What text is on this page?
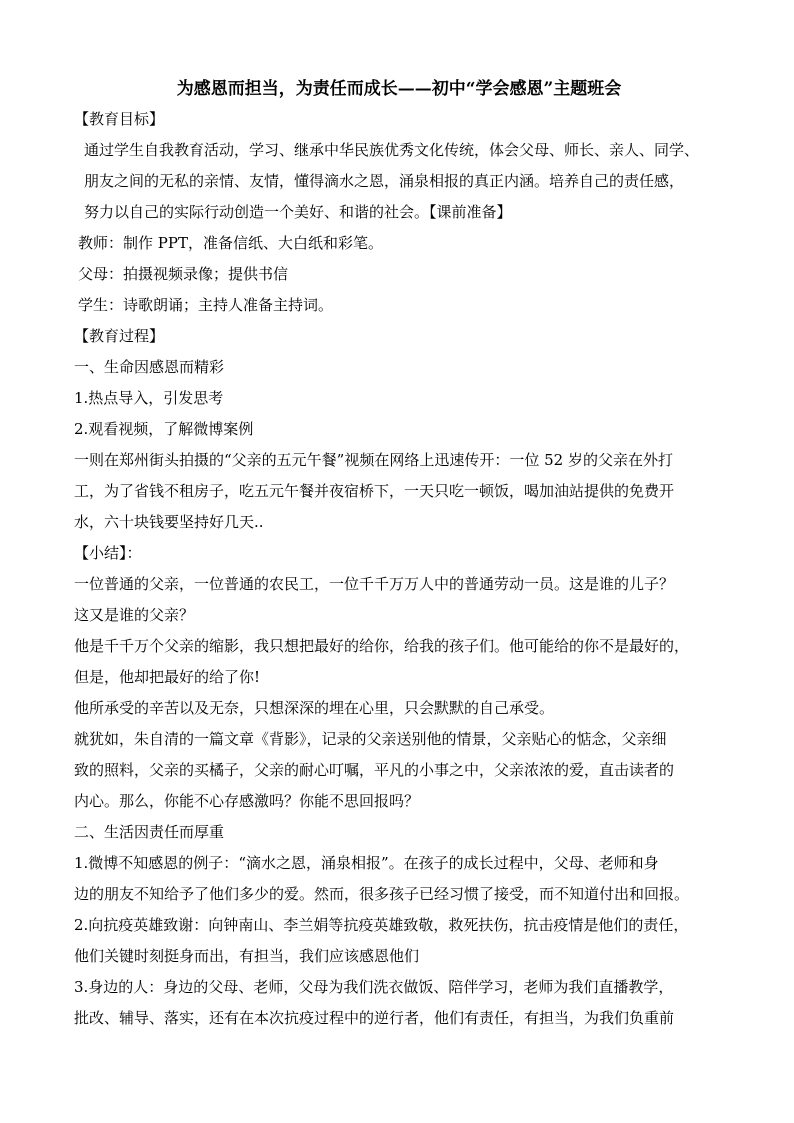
为感恩而担当，为责任而成长——初中“学会感恩”主题班会
【教育目标】
通过学生自我教育活动，学习、继承中华民族优秀文化传统，体会父母、师长、亲人、同学、
朋友之间的无私的亲情、友情，懂得滴水之恩，涌泉相报的真正内涵。培养自己的责任感，
努力以自己的实际行动创造一个美好、和谐的社会。【课前准备】
教师：制作 PPT，准备信纸、大白纸和彩笔。
父母：拍摄视频录像；提供书信
学生：诗歌朗诵；主持人准备主持词。
【教育过程】
一、生命因感恩而精彩
1.热点导入，引发思考
2.观看视频，了解微博案例
一则在郑州街头拍摄的“父亲的五元午餐”视频在网络上迅速传开：一位 52 岁的父亲在外打
工，为了省钱不租房子，吃五元午餐并夜宿桥下，一天只吃一顿饭，喝加油站提供的免费开
水，六十块钱要坚持好几天..
【小结】：
一位普通的父亲，一位普通的农民工，一位千千万万人中的普通劳动一员。这是谁的儿子？
这又是谁的父亲？
他是千千万个父亲的缩影，我只想把最好的给你，给我的孩子们。他可能给的你不是最好的，
但是，他却把最好的给了你!
他所承受的辛苦以及无奈，只想深深的埋在心里，只会默默的自己承受。
就犹如，朱自清的一篇文章《背影》，记录的父亲送别他的情景，父亲贴心的惦念，父亲细
致的照料，父亲的买橘子，父亲的耐心叮嘱，平凡的小事之中，父亲浓浓的爱，直击读者的
内心。那么，你能不心存感激吗？你能不思回报吗？
二、生活因责任而厚重
1.微博不知感恩的例子：“滴水之恩，涌泉相报”。在孩子的成长过程中，父母、老师和身
边的朋友不知给予了他们多少的爱。然而，很多孩子已经习惯了接受，而不知道付出和回报。
2.向抗疫英雄致谢：向钟南山、李兰娟等抗疫英雄致敬，救死扶伤，抗击疫情是他们的责任，
他们关键时刻挺身而出，有担当，我们应该感恩他们
3.身边的人：身边的父母、老师，父母为我们洗衣做饭、陪伴学习，老师为我们直播教学，
批改、辅导、落实，还有在本次抗疫过程中的逆行者，他们有责任，有担当，为我们负重前
